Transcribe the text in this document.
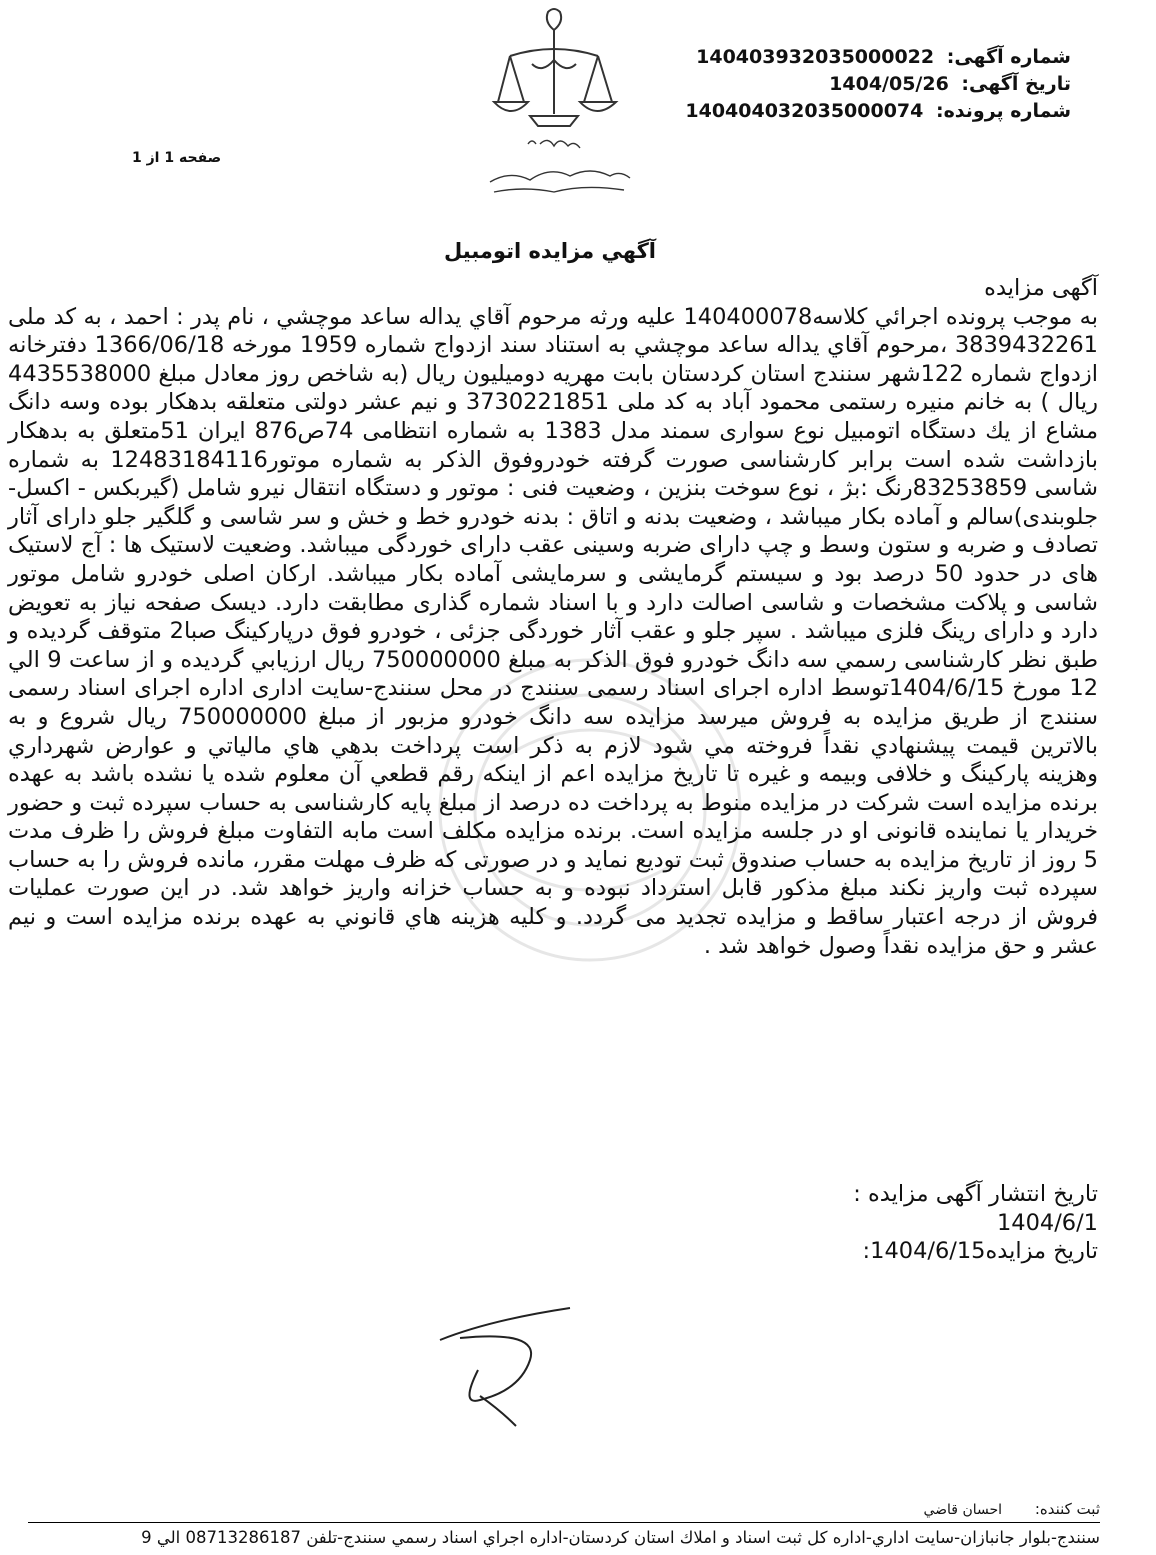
شماره آگهی: 14040393203500002​2
تاریخ آگهی: 1404/05/26
شماره پرونده: 14040403203500007​4
صفحه 1 از 1
آگهي مزايده اتومبيل
آگهی مزایده

به موجب پرونده اجرائي كلاسه140400078 عليه ورثه مرحوم آقاي يداله ساعد موچشي ، نام پدر : احمد ، به كد ملی 3839432261 ،مرحوم آقاي يداله ساعد موچشي به استناد سند ازدواج شماره 1959 مورخه 1366/06/18 دفترخانه ازدواج شماره 122شهر سنندج استان كردستان بابت مهريه دوميليون ريال (به شاخص روز معادل مبلغ 4435538000 ريال ) به خانم منيره رستمی محمود آباد به كد ملی 3730221851 و نيم عشر دولتی متعلقه بدهكار بوده وسه دانگ مشاع از يك دستگاه اتومبيل نوع سواری سمند مدل 1383 به شماره انتظامی 74ص876 ايران 51متعلق به بدهكار بازداشت شده است برابر كارشناسی صورت گرفته خودروفوق الذكر به شماره موتور12483184116 به شماره شاسی 83253859رنگ :بژ ، نوع سوخت بنزين ، وضعيت فنی : موتور و دستگاه انتقال نيرو شامل (گيربكس - اكسل- جلوبندی)سالم و آماده بكار ميباشد ، وضعيت بدنه و اتاق : بدنه خودرو خط و خش و سر شاسی و گلگير جلو دارای آثار تصادف و ضربه و ستون وسط و چپ دارای ضربه وسينی عقب دارای خوردگی ميباشد. وضعيت لاستيک ها : آج لاستيک های در حدود 50 درصد بود و سيستم گرمايشی و سرمايشی آماده بكار ميباشد. اركان اصلی خودرو شامل موتور شاسی و پلاكت مشخصات و شاسی اصالت دارد و با اسناد شماره گذاری مطابقت دارد. ديسک صفحه نياز به تعويض دارد و دارای رينگ فلزی ميباشد . سپر جلو و عقب آثار خوردگی جزئی ، خودرو فوق درپاركينگ صبا2 متوقف گرديده و طبق نظر كارشناسی رسمي سه دانگ خودرو فوق الذكر به مبلغ 750000000 ريال ارزيابي گرديده و از ساعت 9 الي 12 مورخ 1404/6/15توسط اداره اجرای اسناد رسمی سنندج در محل سنندج-سايت اداری اداره اجرای اسناد رسمی سنندج از طريق مزايده به فروش ميرسد مزايده سه دانگ خودرو مزبور از مبلغ 750000000 ريال شروع و به بالاترين قيمت پيشنهادي نقداً فروخته مي شود لازم به ذكر است پرداخت بدهي هاي مالياتي و عوارض شهرداري وهزينه پاركينگ و خلافی وبيمه و غيره تا تاريخ مزايده اعم از اينكه رقم قطعي آن معلوم شده يا نشده باشد به عهده برنده مزايده است شركت در مزايده منوط به پرداخت ده درصد از مبلغ پايه كارشناسی به حساب سپرده ثبت و حضور خريدار يا نماينده قانونی او در جلسه مزايده است. برنده مزايده مكلف است مابه التفاوت مبلغ فروش را ظرف مدت 5 روز از تاريخ مزايده به حساب صندوق ثبت توديع نمايد و در صورتی كه ظرف مهلت مقرر، مانده فروش را به حساب سپرده ثبت واريز نكند مبلغ مذكور قابل استرداد نبوده و به حساب خزانه واريز خواهد شد. در اين صورت عمليات فروش از درجه اعتبار ساقط و مزايده تجديد می گردد. و كليه هزينه هاي قانوني به عهده برنده مزايده است و نيم عشر و حق مزايده نقداً وصول خواهد شد .

تاریخ انتشار آگهی مزایده :
1404/6/1
تاریخ مزایده1404/6/15:
ثبت کننده: احسان قاضي
سنندج-بلوار جانبازان-سايت اداري-اداره كل ثبت اسناد و املاك استان كردستان-اداره اجراي اسناد رسمي سنندج-تلفن 08713286187 الي 9
